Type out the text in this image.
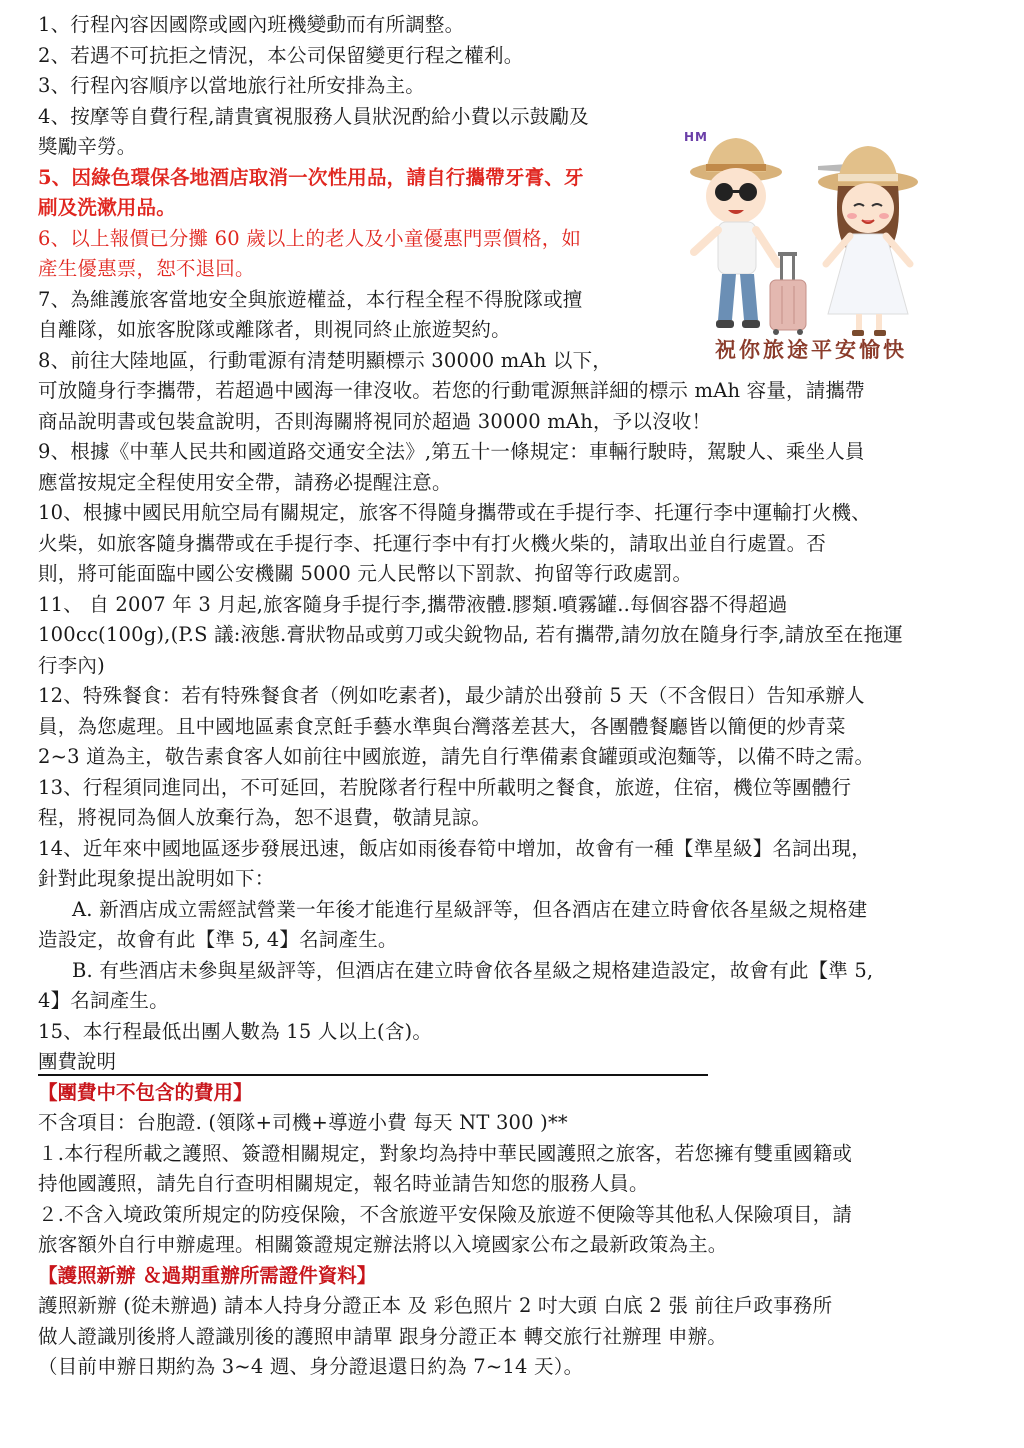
1、行程內容因國際或國內班機變動而有所調整。
2、若遇不可抗拒之情況，本公司保留變更行程之權利。
3、行程內容順序以當地旅行社所安排為主。
4、按摩等自費行程,請貴賓視服務人員狀況酌給小費以示鼓勵及
獎勵辛勞。
5、因綠色環保各地酒店取消一次性用品，請自行攜帶牙膏、牙
刷及洗漱用品。
6、以上報價已分攤 60 歲以上的老人及小童優惠門票價格，如
產生優惠票，恕不退回。
7、為維護旅客當地安全與旅遊權益，本行程全程不得脫隊或擅
自離隊，如旅客脫隊或離隊者，則視同終止旅遊契約。
8、前往大陸地區，行動電源有清楚明顯標示 30000 mAh 以下，
可放隨身行李攜帶，若超過中國海一律沒收。若您的行動電源無詳細的標示 mAh 容量，請攜帶
商品說明書或包裝盒說明，否則海關將視同於超過 30000 mAh，予以沒收！
9、根據《中華人民共和國道路交通安全法》,第五十一條規定：車輛行駛時，駕駛人、乘坐人員
應當按規定全程使用安全帶，請務必提醒注意。
10、根據中國民用航空局有關規定，旅客不得隨身攜帶或在手提行李、托運行李中運輸打火機、
火柴，如旅客隨身攜帶或在手提行李、托運行李中有打火機火柴的，請取出並自行處置。否
則，將可能面臨中國公安機關 5000 元人民幣以下罰款、拘留等行政處罰。
11、 自 2007 年 3 月起,旅客隨身手提行李,攜帶液體.膠類.噴霧罐..每個容器不得超過
100cc(100g),(P.S 議:液態.膏狀物品或剪刀或尖銳物品, 若有攜帶,請勿放在隨身行李,請放至在拖運
行李內)
12、特殊餐食：若有特殊餐食者（例如吃素者)，最少請於出發前 5 天（不含假日）告知承辦人
員，為您處理。且中國地區素食烹飪手藝水準與台灣落差甚大，各團體餐廳皆以簡便的炒青菜
2~3 道為主，敬告素食客人如前往中國旅遊，請先自行準備素食罐頭或泡麵等，以備不時之需。
13、行程須同進同出，不可延回，若脫隊者行程中所載明之餐食，旅遊，住宿，機位等團體行
程，將視同為個人放棄行為，恕不退費，敬請見諒。
14、近年來中國地區逐步發展迅速，飯店如雨後春筍中增加，故會有一種【準星級】名詞出現，
針對此現象提出說明如下：
A. 新酒店成立需經試營業一年後才能進行星級評等，但各酒店在建立時會依各星級之規格建
造設定，故會有此【準 5, 4】名詞產生。
B. 有些酒店未參與星級評等，但酒店在建立時會依各星級之規格建造設定，故會有此【準 5,
4】名詞產生。
15、本行程最低出團人數為 15 人以上(含)。
團費說明
【團費中不包含的費用】
不含項目：台胞證. (領隊+司機+導遊小費 每天 NT 300 )**
１.本行程所載之護照、簽證相關規定，對象均為持中華民國護照之旅客，若您擁有雙重國籍或
持他國護照，請先自行查明相關規定，報名時並請告知您的服務人員。
２.不含入境政策所規定的防疫保險，不含旅遊平安保險及旅遊不便險等其他私人保險項目，請
旅客額外自行申辦處理。相關簽證規定辦法將以入境國家公布之最新政策為主。
【護照新辦 ＆過期重辦所需證件資料】
護照新辦 (從未辦過) 請本人持身分證正本 及 彩色照片 2 吋大頭 白底 2 張 前往戶政事務所
做人證識別後將人證識別後的護照申請單 跟身分證正本 轉交旅行社辦理 申辦。
（目前申辦日期約為 3~4 週、身分證退還日約為 7~14 天）。
HM
祝你旅途平安愉快
